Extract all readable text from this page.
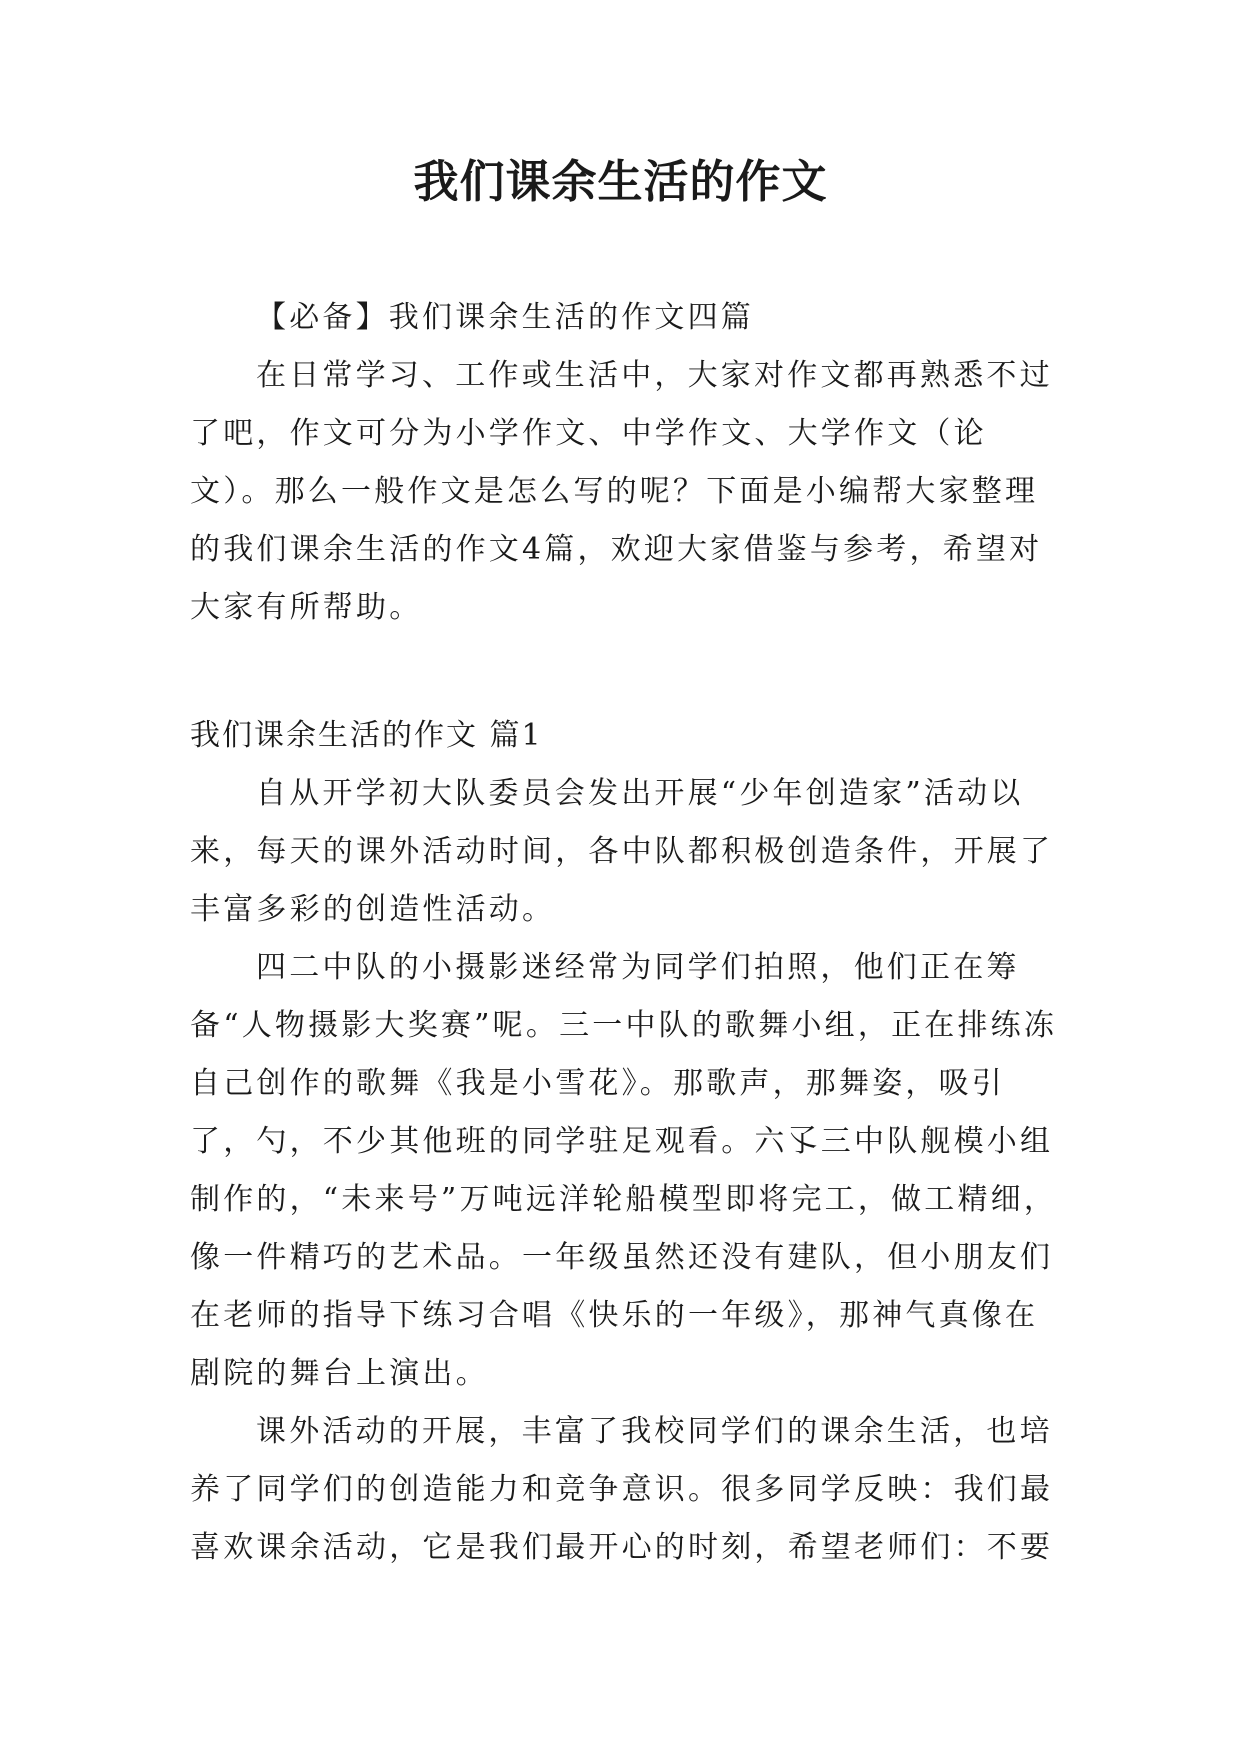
我们课余生活的作文

【必备】我们课余生活的作文四篇

在日常学习、工作或生活中，大家对作文都再熟悉不过了吧，作文可分为小学作文、中学作文、大学作文（论文）。那么一般作文是怎么写的呢？下面是小编帮大家整理的我们课余生活的作文4篇，欢迎大家借鉴与参考，希望对大家有所帮助。

我们课余生活的作文 篇1

自从开学初大队委员会发出开展“少年创造家”活动以来，每天的课外活动时间，各中队都积极创造条件，开展了丰富多彩的创造性活动。

四二中队的小摄影迷经常为同学们拍照，他们正在筹备“人物摄影大奖赛”呢。三一中队的歌舞小组，正在排练冻自己创作的歌舞《我是小雪花》。那歌声，那舞姿，吸引了，勺，不少其他班的同学驻足观看。六孓三中队舰模小组制作的，“未来号”万吨远洋轮船模型即将完工，做工精细，像一件精巧的艺术品。一年级虽然还没有建队，但小朋友们在老师的指导下练习合唱《快乐的一年级》，那神气真像在剧院的舞台上演出。

课外活动的开展，丰富了我校同学们的课余生活，也培养了同学们的创造能力和竞争意识。很多同学反映：我们最喜欢课余活动，它是我们最开心的时刻，希望老师们：不要
